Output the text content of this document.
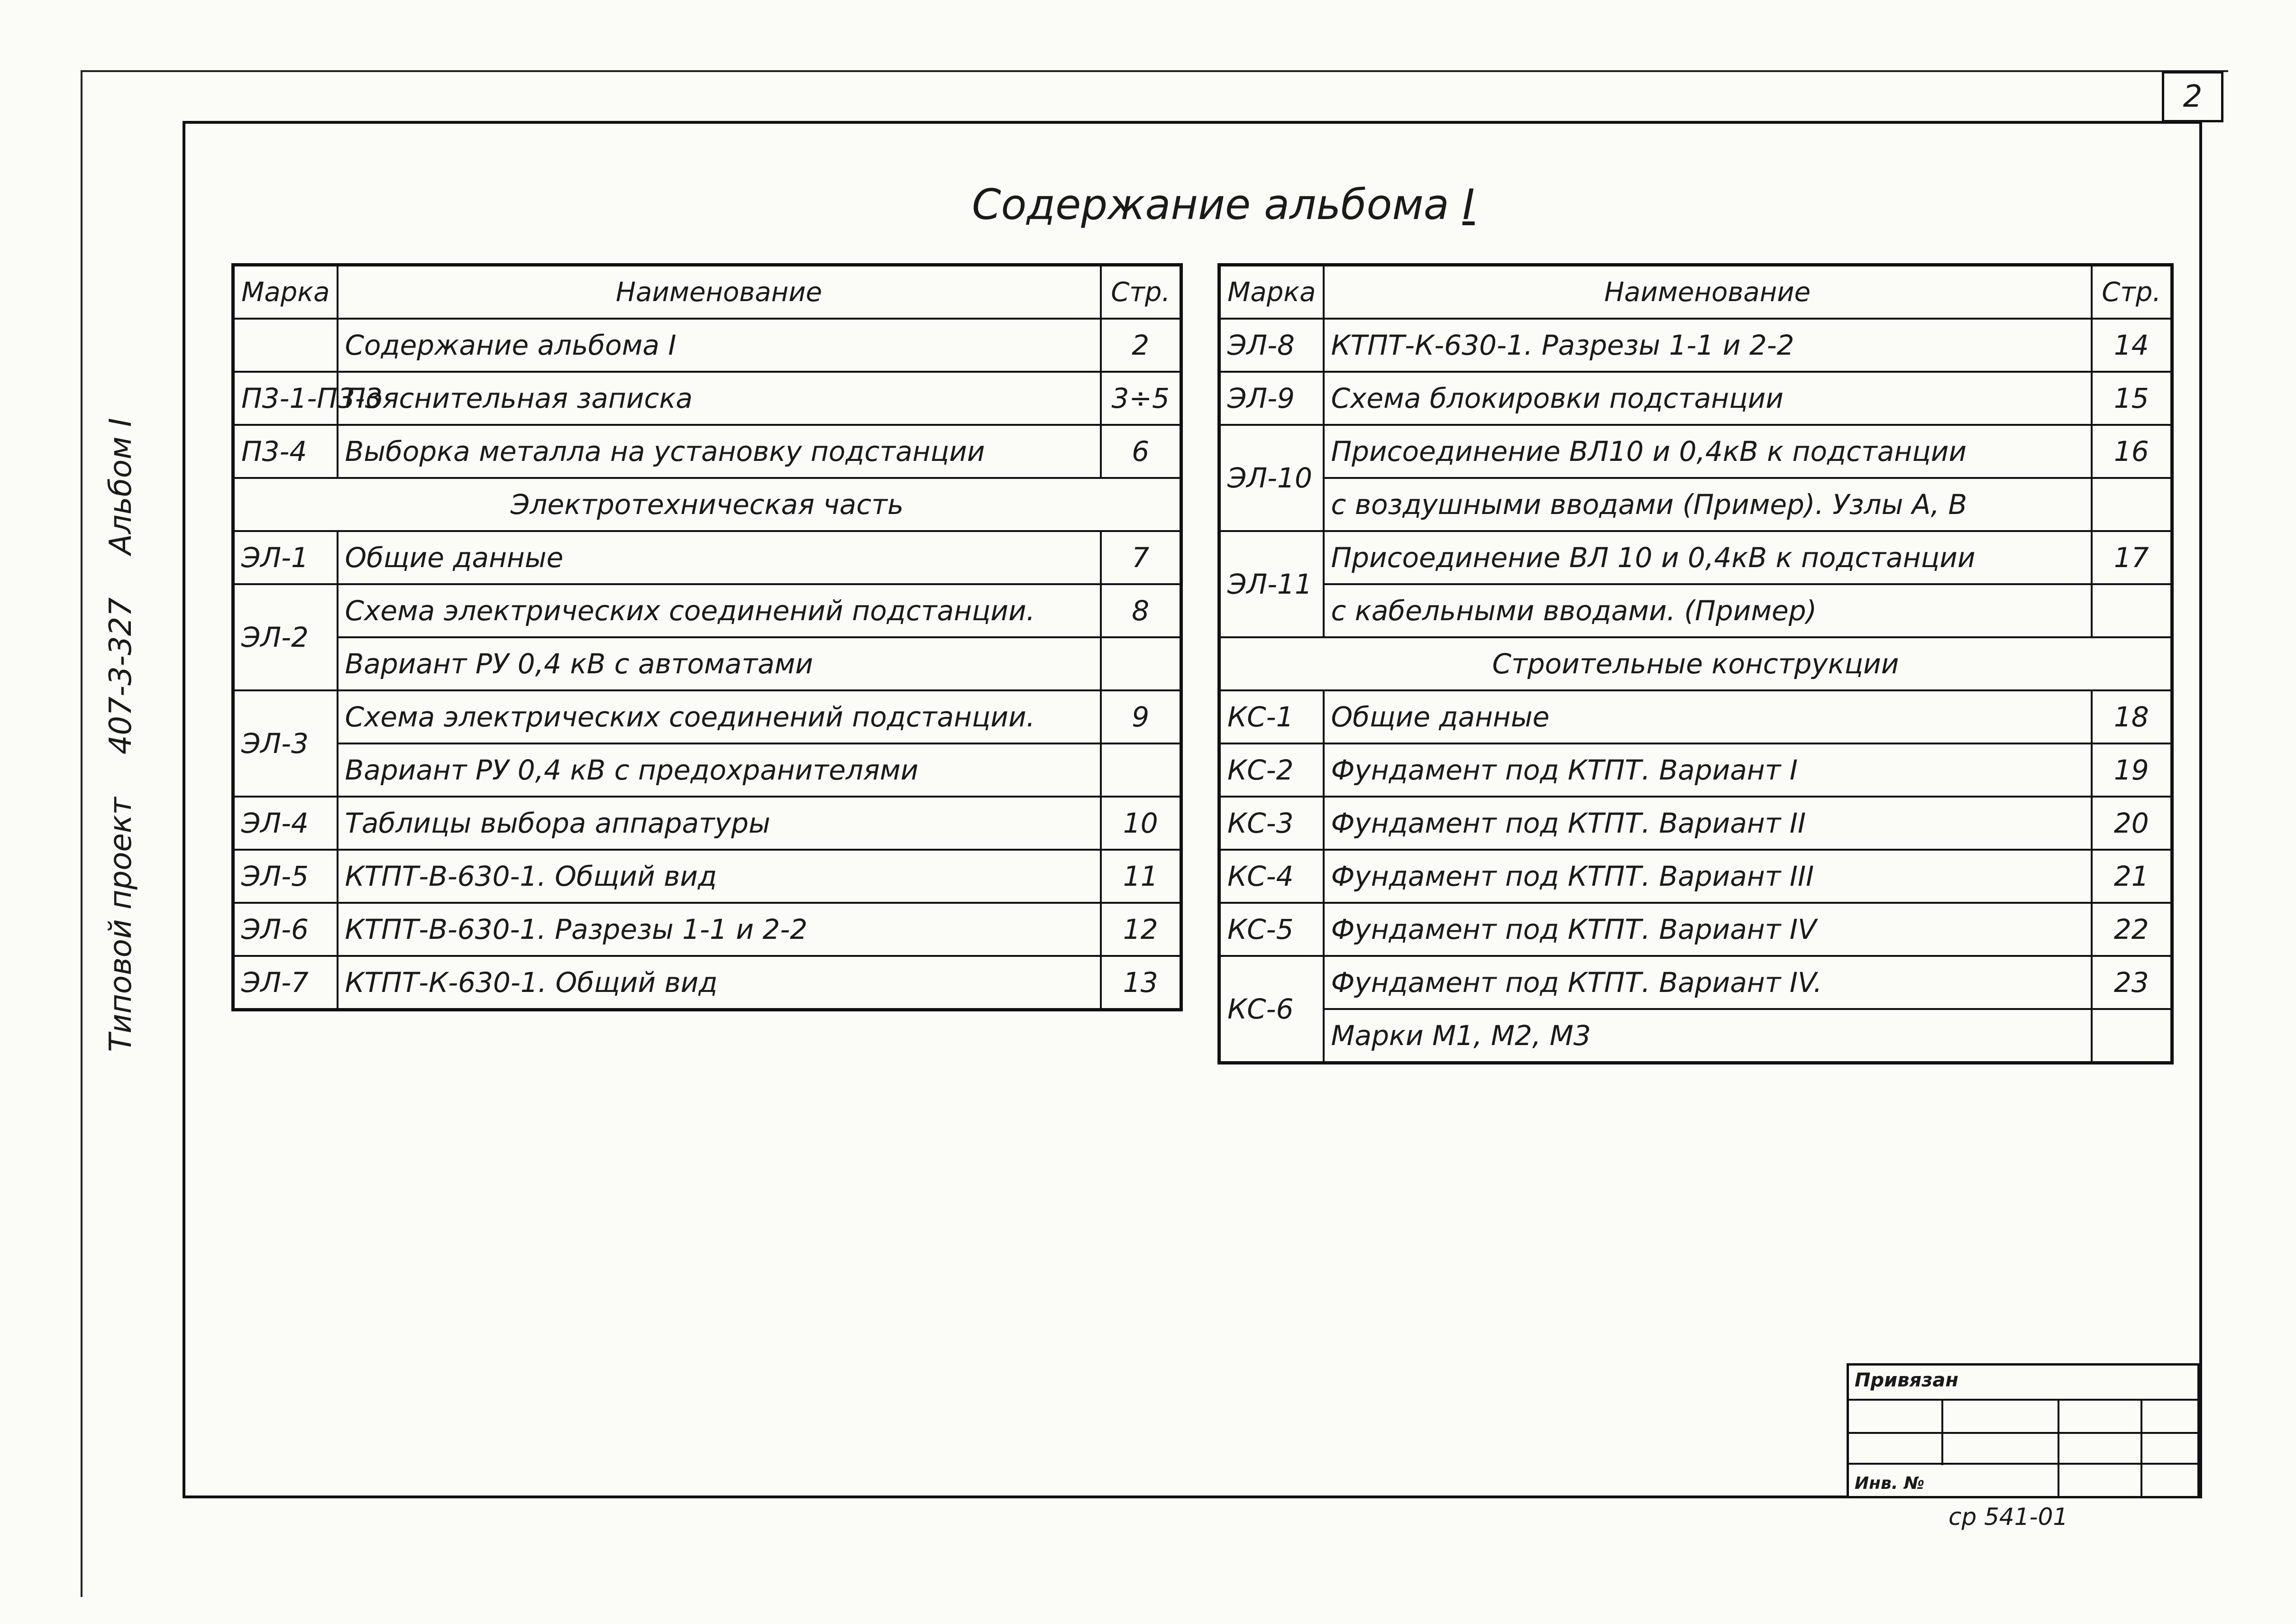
2
Типовой проект
407-3-327
Альбом I
Содержание альбома I
Марка	Наименование	Стр.
	Содержание альбома I	2
П3-1-П3-3	Пояснительная записка	3÷5
П3-4	Выборка металла на установку подстанции	6
Электротехническая часть		
ЭЛ-1	Общие данные	7
ЭЛ-2	Схема электрических соединений подстанции.	8
	Вариант РУ 0,4 кВ с автоматами	
ЭЛ-3	Схема электрических соединений подстанции.	9
	Вариант РУ 0,4 кВ с предохранителями	
ЭЛ-4	Таблицы выбора аппаратуры	10
ЭЛ-5	КТПТ-В-630-1. Общий вид	11
ЭЛ-6	КТПТ-В-630-1. Разрезы 1-1 и 2-2	12
ЭЛ-7	КТПТ-К-630-1. Общий вид	13
Марка	Наименование	Стр.
ЭЛ-8	КТПТ-К-630-1. Разрезы 1-1 и 2-2	14
ЭЛ-9	Схема блокировки подстанции	15
ЭЛ-10	Присоединение ВЛ10 и 0,4кВ к подстанции	16
	с воздушными вводами (Пример). Узлы А, В	
ЭЛ-11	Присоединение ВЛ 10 и 0,4кВ к подстанции	17
	с кабельными вводами. (Пример)	
Строительные конструкции		
КС-1	Общие данные	18
КС-2	Фундамент под КТПТ. Вариант I	19
КС-3	Фундамент под КТПТ. Вариант II	20
КС-4	Фундамент под КТПТ. Вариант III	21
КС-5	Фундамент под КТПТ. Вариант IV	22
КС-6	Фундамент под КТПТ. Вариант IV.	23
	Марки М1, М2, М3	
Привязан
Инв. №
ср 541-01
